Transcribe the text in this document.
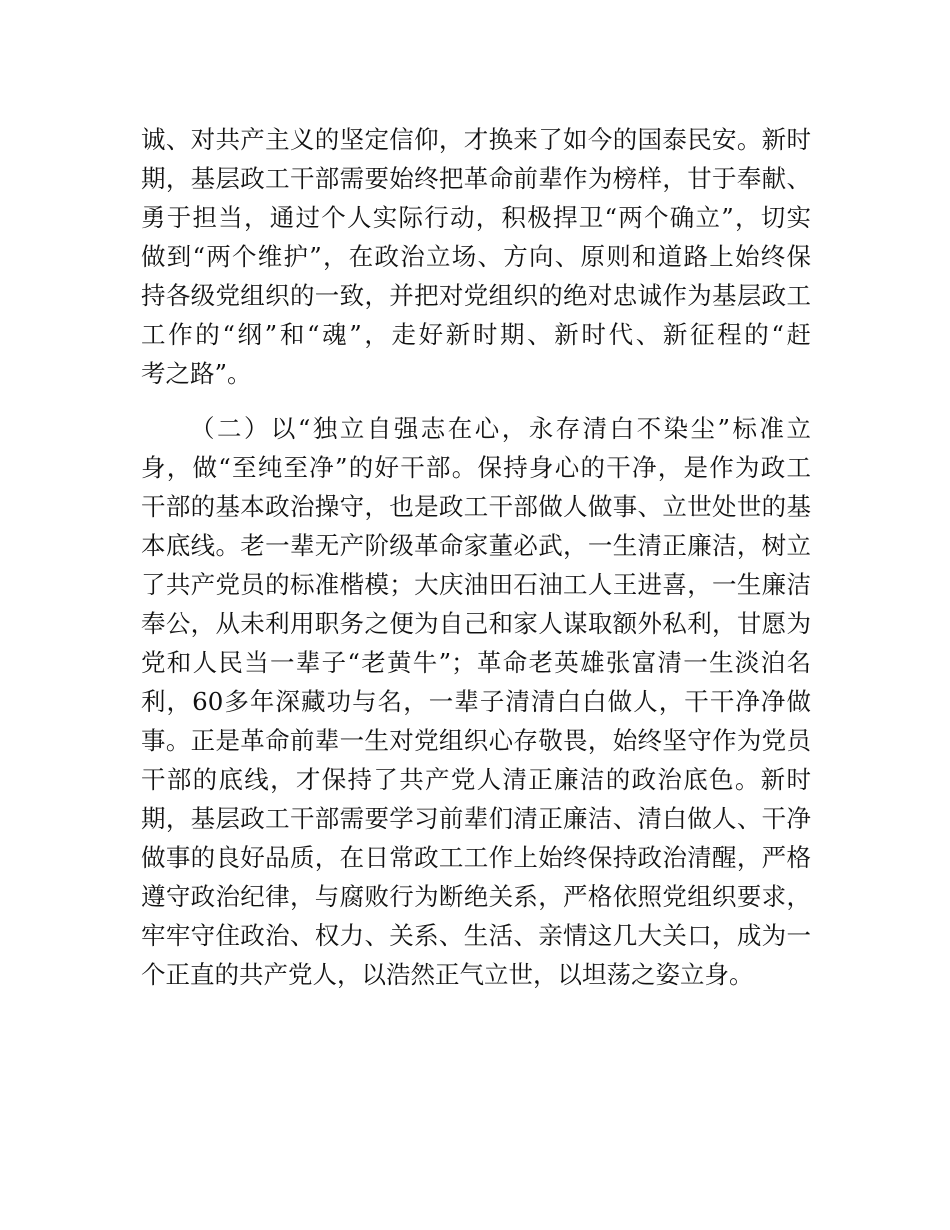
诚、对共产主义的坚定信仰，才换来了如今的国泰民安。新时
期，基层政工干部需要始终把革命前辈作为榜样，甘于奉献、
勇于担当，通过个人实际行动，积极捍卫“两个确立”，切实
做到“两个维护”，在政治立场、方向、原则和道路上始终保
持各级党组织的一致，并把对党组织的绝对忠诚作为基层政工
工作的“纲”和“魂”，走好新时期、新时代、新征程的“赶
考之路”。
（二）以“独立自强志在心，永存清白不染尘”标准立
身，做“至纯至净”的好干部。保持身心的干净，是作为政工
干部的基本政治操守，也是政工干部做人做事、立世处世的基
本底线。老一辈无产阶级革命家董必武，一生清正廉洁，树立
了共产党员的标准楷模；大庆油田石油工人王进喜，一生廉洁
奉公，从未利用职务之便为自己和家人谋取额外私利，甘愿为
党和人民当一辈子“老黄牛”；革命老英雄张富清一生淡泊名
利，60多年深藏功与名，一辈子清清白白做人，干干净净做
事。正是革命前辈一生对党组织心存敬畏，始终坚守作为党员
干部的底线，才保持了共产党人清正廉洁的政治底色。新时
期，基层政工干部需要学习前辈们清正廉洁、清白做人、干净
做事的良好品质，在日常政工工作上始终保持政治清醒，严格
遵守政治纪律，与腐败行为断绝关系，严格依照党组织要求，
牢牢守住政治、权力、关系、生活、亲情这几大关口，成为一
个正直的共产党人，以浩然正气立世，以坦荡之姿立身。
